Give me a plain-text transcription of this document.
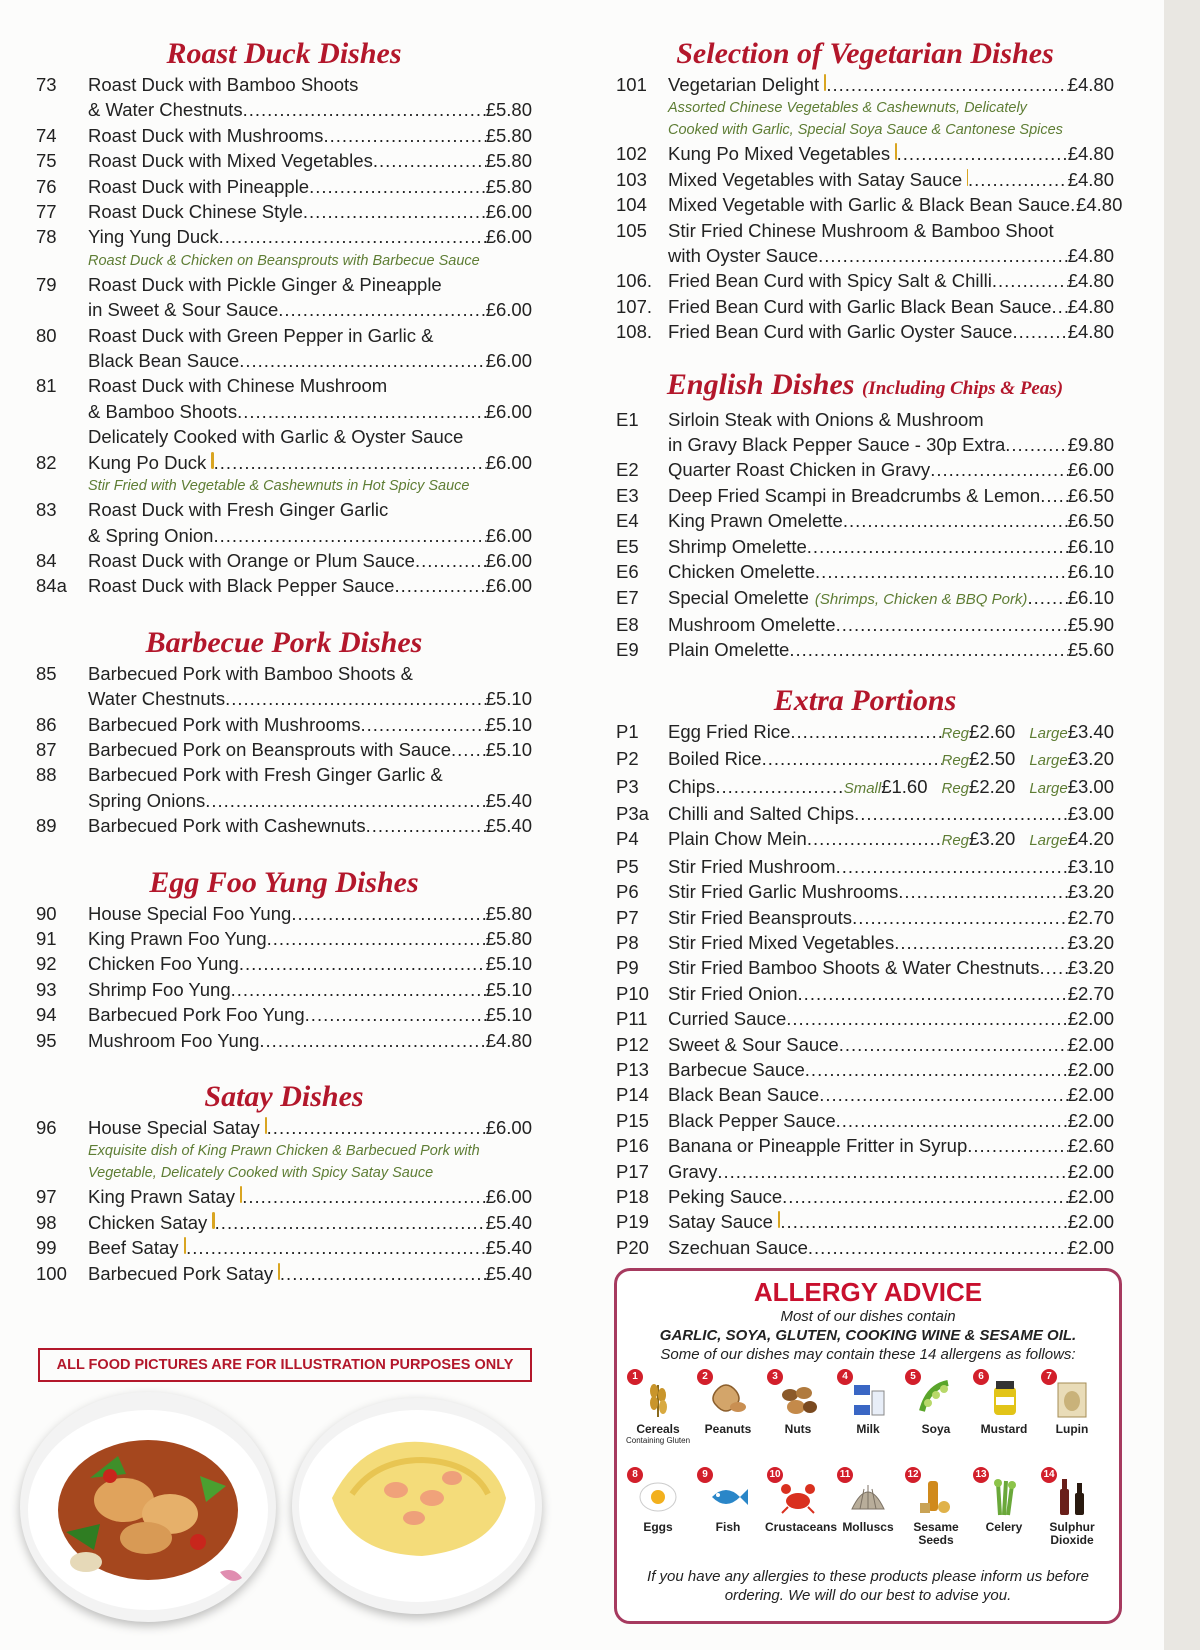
Roast Duck Dishes
73	Roast Duck with Bamboo Shoots
& Water Chestnuts .....	£5.80
74	Roast Duck with Mushrooms .....	£5.80
75	Roast Duck with Mixed Vegetables .....	£5.80
76	Roast Duck with Pineapple .....	£5.80
77	Roast Duck Chinese Style .....	£6.00
78	Ying Yung Duck .....	£6.00
Roast Duck & Chicken on Beansprouts with Barbecue Sauce
79	Roast Duck with Pickle Ginger & Pineapple
in Sweet & Sour Sauce .....	£6.00
80	Roast Duck with Green Pepper in Garlic &
Black Bean Sauce .....	£6.00
81	Roast Duck with Chinese Mushroom
& Bamboo Shoots .....	£6.00
Delicately Cooked with Garlic & Oyster Sauce
82	Kung Po Duck .....	£6.00
Stir Fried with Vegetable & Cashewnuts in Hot Spicy Sauce
83	Roast Duck with Fresh Ginger Garlic
& Spring Onion .....	£6.00
84	Roast Duck with Orange or Plum Sauce .....	£6.00
84a	Roast Duck with Black Pepper Sauce .....	£6.00
Barbecue Pork Dishes
85	Barbecued Pork with Bamboo Shoots &
Water Chestnuts .....	£5.10
86	Barbecued Pork with Mushrooms .....	£5.10
87	Barbecued Pork on Beansprouts with Sauce ..... £5.10
88	Barbecued Pork with Fresh Ginger Garlic &
Spring Onions .....	£5.40
89	Barbecued Pork with Cashewnuts .....	£5.40
Egg Foo Yung Dishes
90	House Special Foo Yung .....	£5.80
91	King Prawn Foo Yung .....	£5.80
92	Chicken Foo Yung .....	£5.10
93	Shrimp Foo Yung .....	£5.10
94	Barbecued Pork Foo Yung .....	£5.10
95	Mushroom Foo Yung .....	£4.80
Satay Dishes
96	House Special Satay .....	£6.00
Exquisite dish of King Prawn Chicken & Barbecued Pork with
Vegetable, Delicately Cooked with Spicy Satay Sauce
97	King Prawn Satay .....	£6.00
98	Chicken Satay .....	£5.40
99	Beef Satay .....	£5.40
100	Barbecued Pork Satay .....	£5.40
Selection of Vegetarian Dishes
101	Vegetarian Delight .....	£4.80
Assorted Chinese Vegetables & Cashewnuts, Delicately
Cooked with Garlic, Special Soya Sauce & Cantonese Spices
102	Kung Po Mixed Vegetables .....	£4.80
103	Mixed Vegetables with Satay Sauce .....	£4.80
104	Mixed Vegetable with Garlic & Black Bean Sauce ..... £4.80
105	Stir Fried Chinese Mushroom & Bamboo Shoot
with Oyster Sauce .....	£4.80
106. Fried Bean Curd with Spicy Salt & Chilli .....	£4.80
107. Fried Bean Curd with Garlic Black Bean Sauce ..... £4.80
108. Fried Bean Curd with Garlic Oyster Sauce .....	£4.80
English Dishes (Including Chips & Peas)
E1	Sirloin Steak with Onions & Mushroom
in Gravy Black Pepper Sauce - 30p Extra .....	£9.80
E2	Quarter Roast Chicken in Gravy .....	£6.00
E3	Deep Fried Scampi in Breadcrumbs & Lemon ..... £6.50
E4	King Prawn Omelette .....	£6.50
E5	Shrimp Omelette .....	£6.10
E6	Chicken Omelette .....	£6.10
E7	Special Omelette (Shrimps, Chicken & BBQ Pork) ..... £6.10
E8	Mushroom Omelette .....	£5.90
E9	Plain Omelette .....	£5.60
Extra Portions
P1	Egg Fried Rice .....	Reg £2.60 Large £3.40
P2	Boiled Rice .....	Reg £2.50 Large £3.20
P3	Chips .....	Small £1.60 Reg £2.20 Large £3.00
P3a	Chilli and Salted Chips .....	£3.00
P4	Plain Chow Mein .....	Reg £3.20 Large £4.20
P5	Stir Fried Mushroom .....	£3.10
P6	Stir Fried Garlic Mushrooms .....	£3.20
P7	Stir Fried Beansprouts .....	£2.70
P8	Stir Fried Mixed Vegetables .....	£3.20
P9	Stir Fried Bamboo Shoots & Water Chestnuts ..... £3.20
P10	Stir Fried Onion .....	£2.70
P11	Curried Sauce .....	£2.00
P12	Sweet & Sour Sauce .....	£2.00
P13	Barbecue Sauce .....	£2.00
P14	Black Bean Sauce .....	£2.00
P15	Black Pepper Sauce .....	£2.00
P16	Banana or Pineapple Fritter in Syrup .....	£2.60
P17	Gravy .....	£2.00
P18	Peking Sauce .....	£2.00
P19	Satay Sauce .....	£2.00
P20	Szechuan Sauce .....	£2.00
ALL FOOD PICTURES ARE FOR ILLUSTRATION PURPOSES ONLY
ALLERGY ADVICE

Most of our dishes contain

GARLIC, SOYA, GLUTEN, COOKING WINE & SESAME OIL.

Some of our dishes may contain these 14 allergens as follows:

1
Cereals
Containing Gluten
2
Peanuts
3
Nuts
4
Milk
5
Soya
6
Mustard
7
Lupin
8
Eggs
9
Fish
10
Crustaceans
11
Molluscs
12
Sesame Seeds
13
Celery
14
Sulphur Dioxide
If you have any allergies to these products please inform us before ordering. We will do our best to advise you.
